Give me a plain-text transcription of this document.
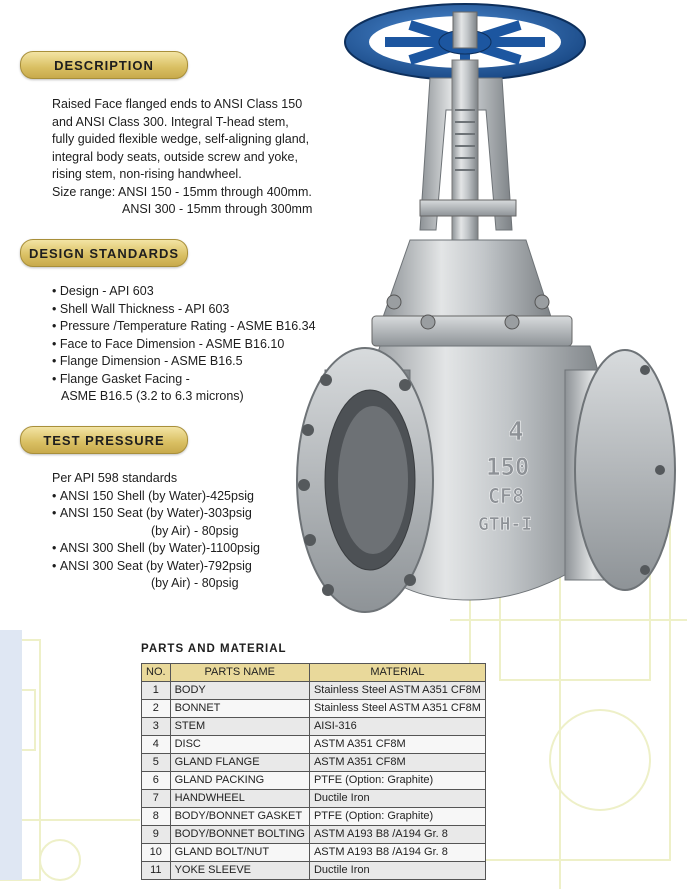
DESCRIPTION
Raised Face flanged ends to ANSI Class 150
and ANSI Class 300. Integral T-head stem,
fully guided flexible wedge, self-aligning gland,
integral body seats, outside screw and yoke,
rising stem, non-rising handwheel.
Size range: ANSI 150 - 15mm through 400mm.
ANSI 300 - 15mm through 300mm
DESIGN STANDARDS
• Design - API 603
• Shell Wall Thickness - API 603
• Pressure /Temperature Rating - ASME B16.34
• Face to Face Dimension - ASME B16.10
• Flange Dimension - ASME B16.5
• Flange Gasket Facing -
ASME B16.5 (3.2 to 6.3 microns)
TEST PRESSURE
Per API 598 standards
• ANSI 150 Shell (by Water)-425psig
• ANSI 150 Seat (by Water)-303psig
(by Air) - 80psig
• ANSI 300 Shell (by Water)-1100psig
• ANSI 300 Seat (by Water)-792psig
(by Air) - 80psig
4
150
CF8
GTH-I
PARTS AND MATERIAL
NO.	PARTS NAME	MATERIAL
1	BODY	Stainless Steel ASTM A351 CF8M
2	BONNET	Stainless Steel ASTM A351 CF8M
3	STEM	AISI-316
4	DISC	ASTM A351 CF8M
5	GLAND FLANGE	ASTM A351 CF8M
6	GLAND PACKING	PTFE (Option: Graphite)
7	HANDWHEEL	Ductile Iron
8	BODY/BONNET GASKET	PTFE (Option: Graphite)
9	BODY/BONNET BOLTING	ASTM A193 B8 /A194 Gr. 8
10	GLAND BOLT/NUT	ASTM A193 B8 /A194 Gr. 8
11	YOKE SLEEVE	Ductile Iron
